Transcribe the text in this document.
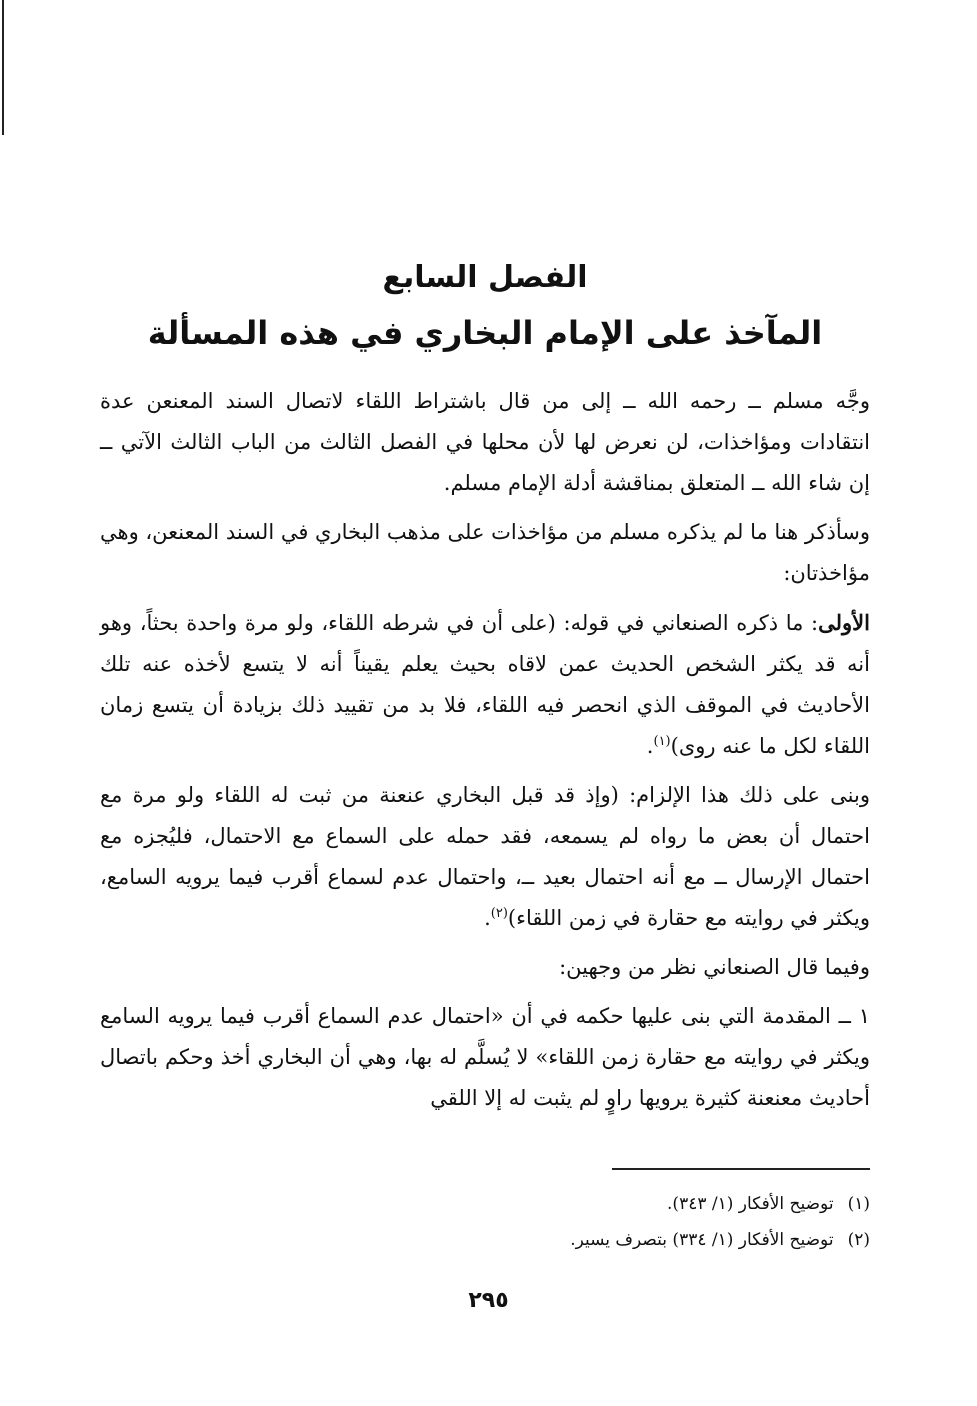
الفصل السابع
المآخذ على الإمام البخاري في هذه المسألة

وجَّه مسلم ــ رحمه الله ــ إلى من قال باشتراط اللقاء لاتصال السند المعنعن عدة انتقادات ومؤاخذات، لن نعرض لها لأن محلها في الفصل الثالث من الباب الثالث الآتي ــ إن شاء الله ــ المتعلق بمناقشة أدلة الإمام مسلم.

وسأذكر هنا ما لم يذكره مسلم من مؤاخذات على مذهب البخاري في السند المعنعن، وهي مؤاخذتان:

الأولى: ما ذكره الصنعاني في قوله: (على أن في شرطه اللقاء، ولو مرة واحدة بحثاً، وهو أنه قد يكثر الشخص الحديث عمن لاقاه بحيث يعلم يقيناً أنه لا يتسع لأخذه عنه تلك الأحاديث في الموقف الذي انحصر فيه اللقاء، فلا بد من تقييد ذلك بزيادة أن يتسع زمان اللقاء لكل ما عنه روى)$^{(١)}$.

وبنى على ذلك هذا الإلزام: (وإذ قد قبل البخاري عنعنة من ثبت له اللقاء ولو مرة مع احتمال أن بعض ما رواه لم يسمعه، فقد حمله على السماع مع الاحتمال، فليُجزه مع احتمال الإرسال ــ مع أنه احتمال بعيد ــ، واحتمال عدم لسماع أقرب فيما يرويه السامع، ويكثر في روايته مع حقارة في زمن اللقاء)$^{(٢)}$.

وفيما قال الصنعاني نظر من وجهين:

١ ــ المقدمة التي بنى عليها حكمه في أن «احتمال عدم السماع أقرب فيما يرويه السامع ويكثر في روايته مع حقارة زمن اللقاء» لا يُسلَّم له بها، وهي أن البخاري أخذ وحكم باتصال أحاديث معنعنة كثيرة يرويها راوٍ لم يثبت له إلا اللقي

(١)توضيح الأفكار (١/ ٣٤٣).
(٢)توضيح الأفكار (١/ ٣٣٤) بتصرف يسير.
٢٩٥
